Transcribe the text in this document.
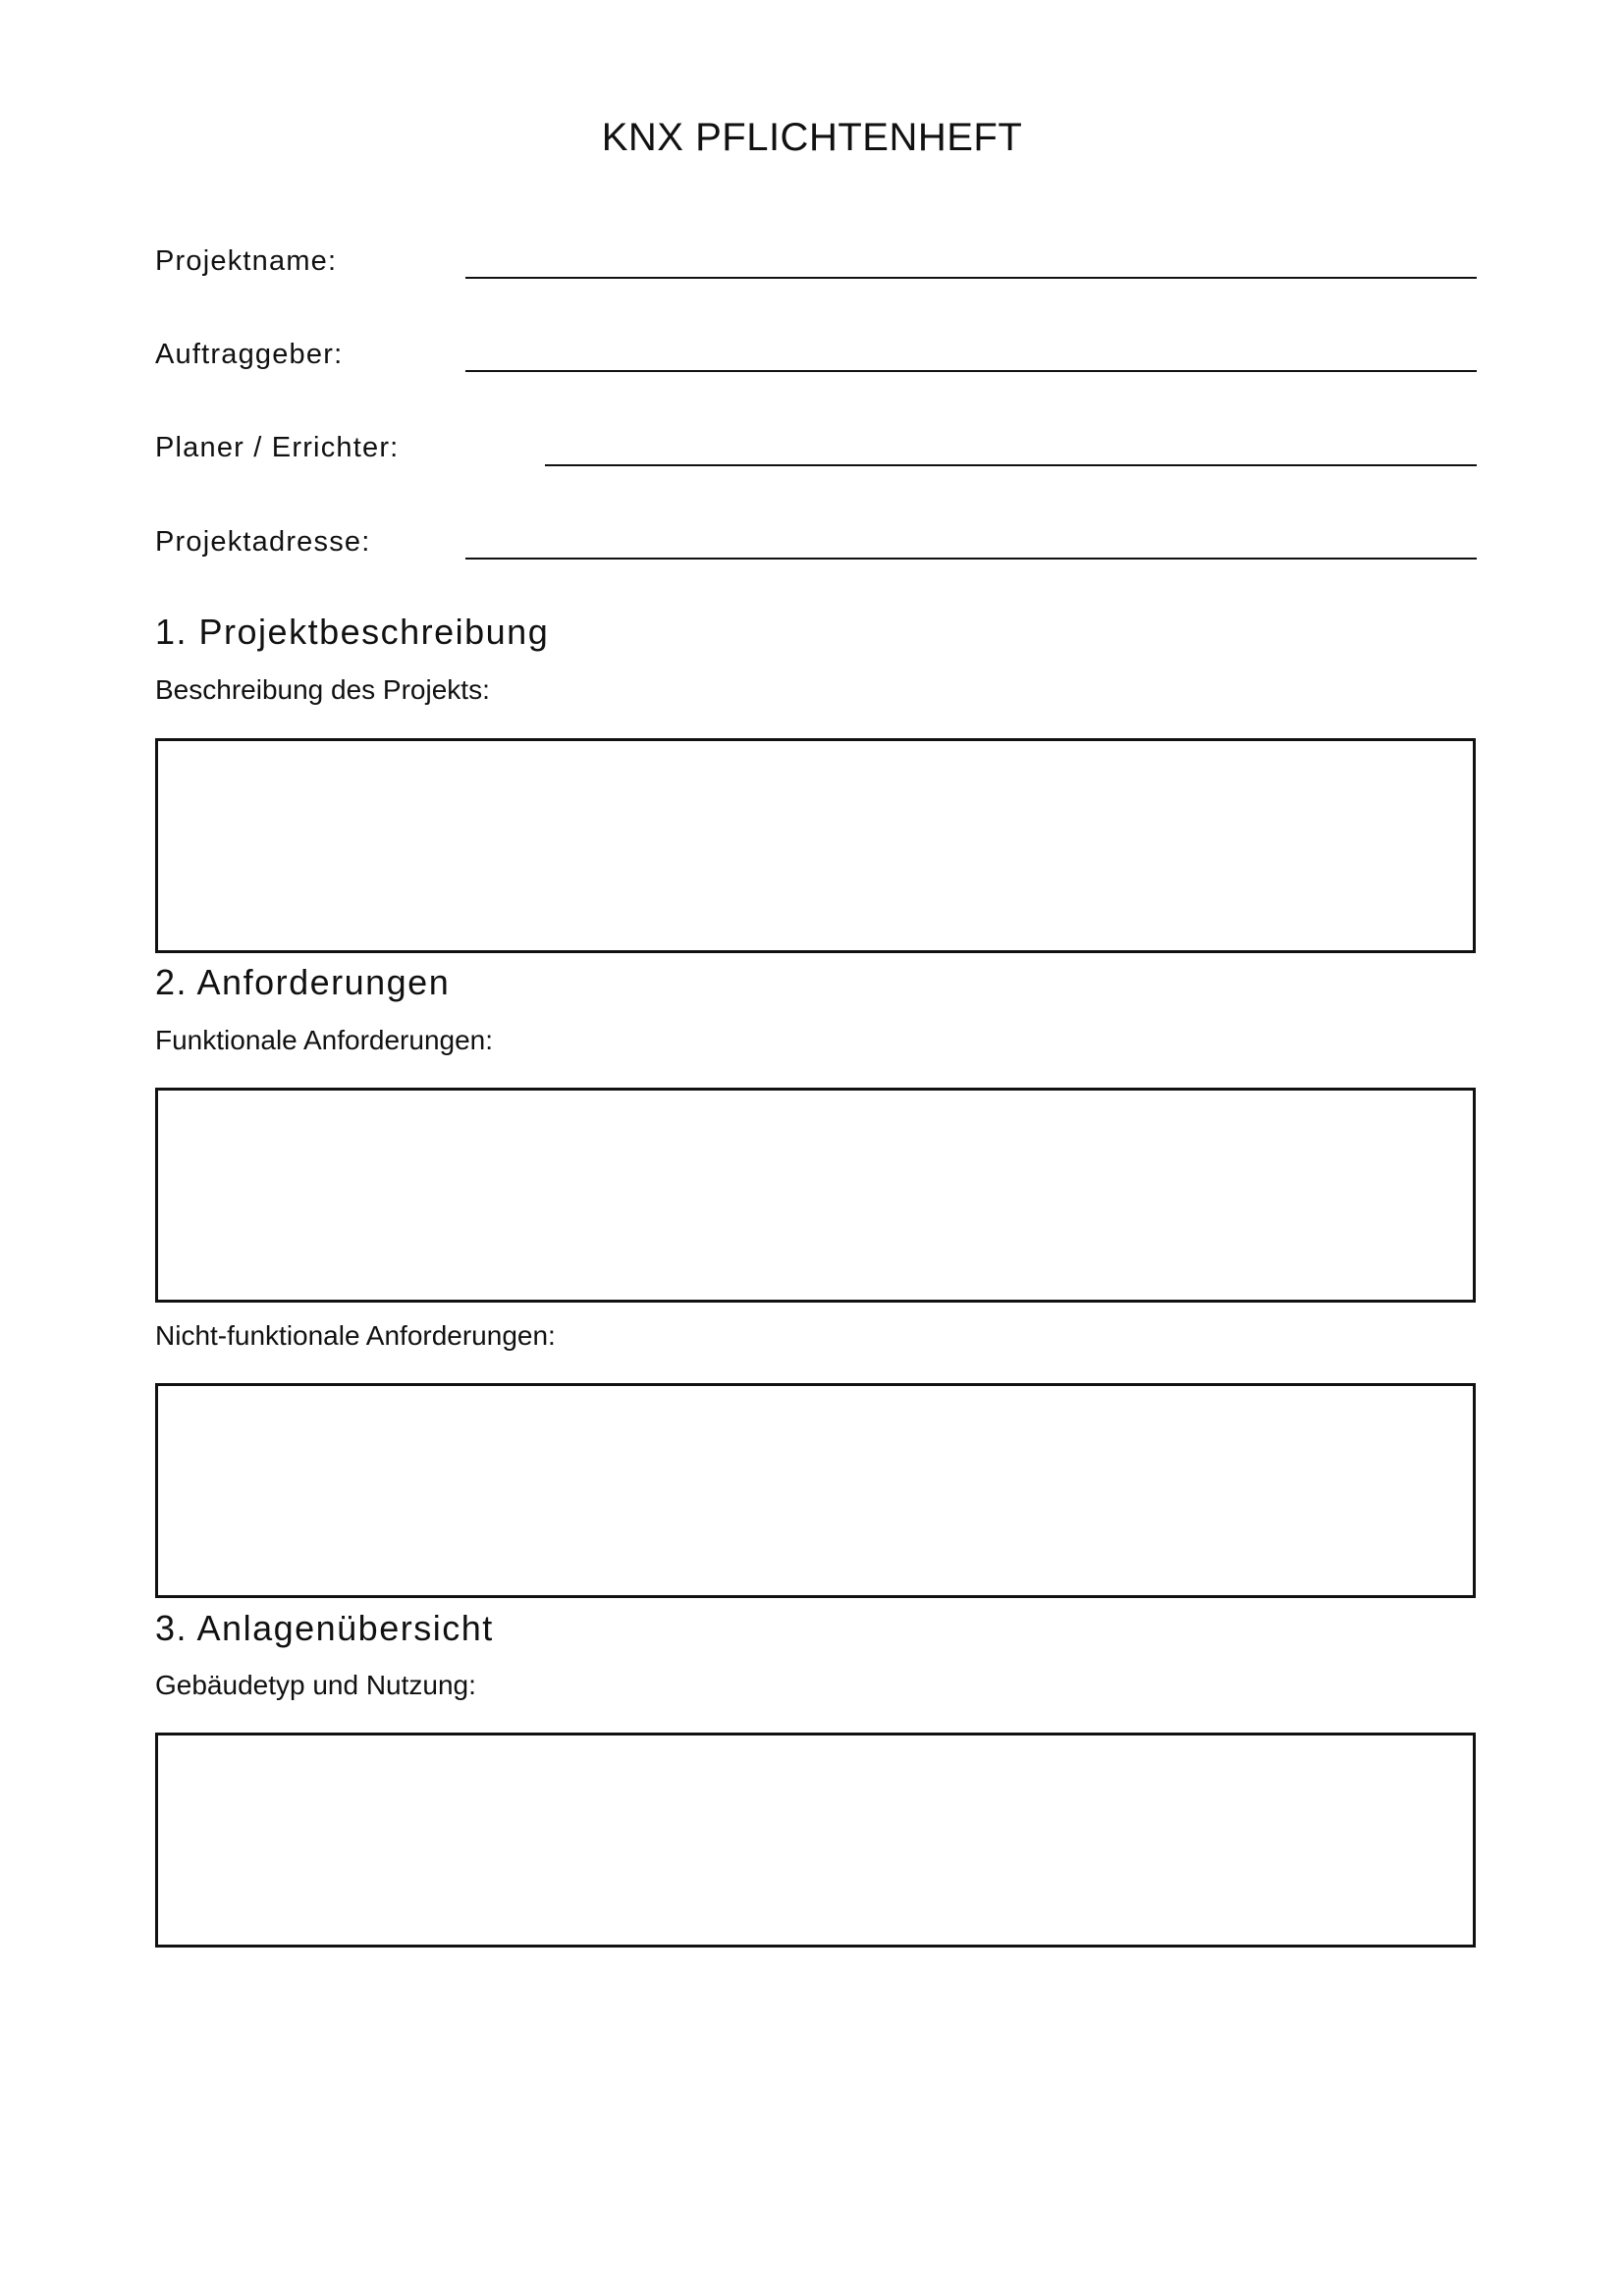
KNX PFLICHTENHEFT
Projektname:
Auftraggeber:
Planer / Errichter:
Projektadresse:
1. Projektbeschreibung
Beschreibung des Projekts:
2. Anforderungen
Funktionale Anforderungen:
Nicht-funktionale Anforderungen:
3. Anlagenübersicht
Gebäudetyp und Nutzung:
